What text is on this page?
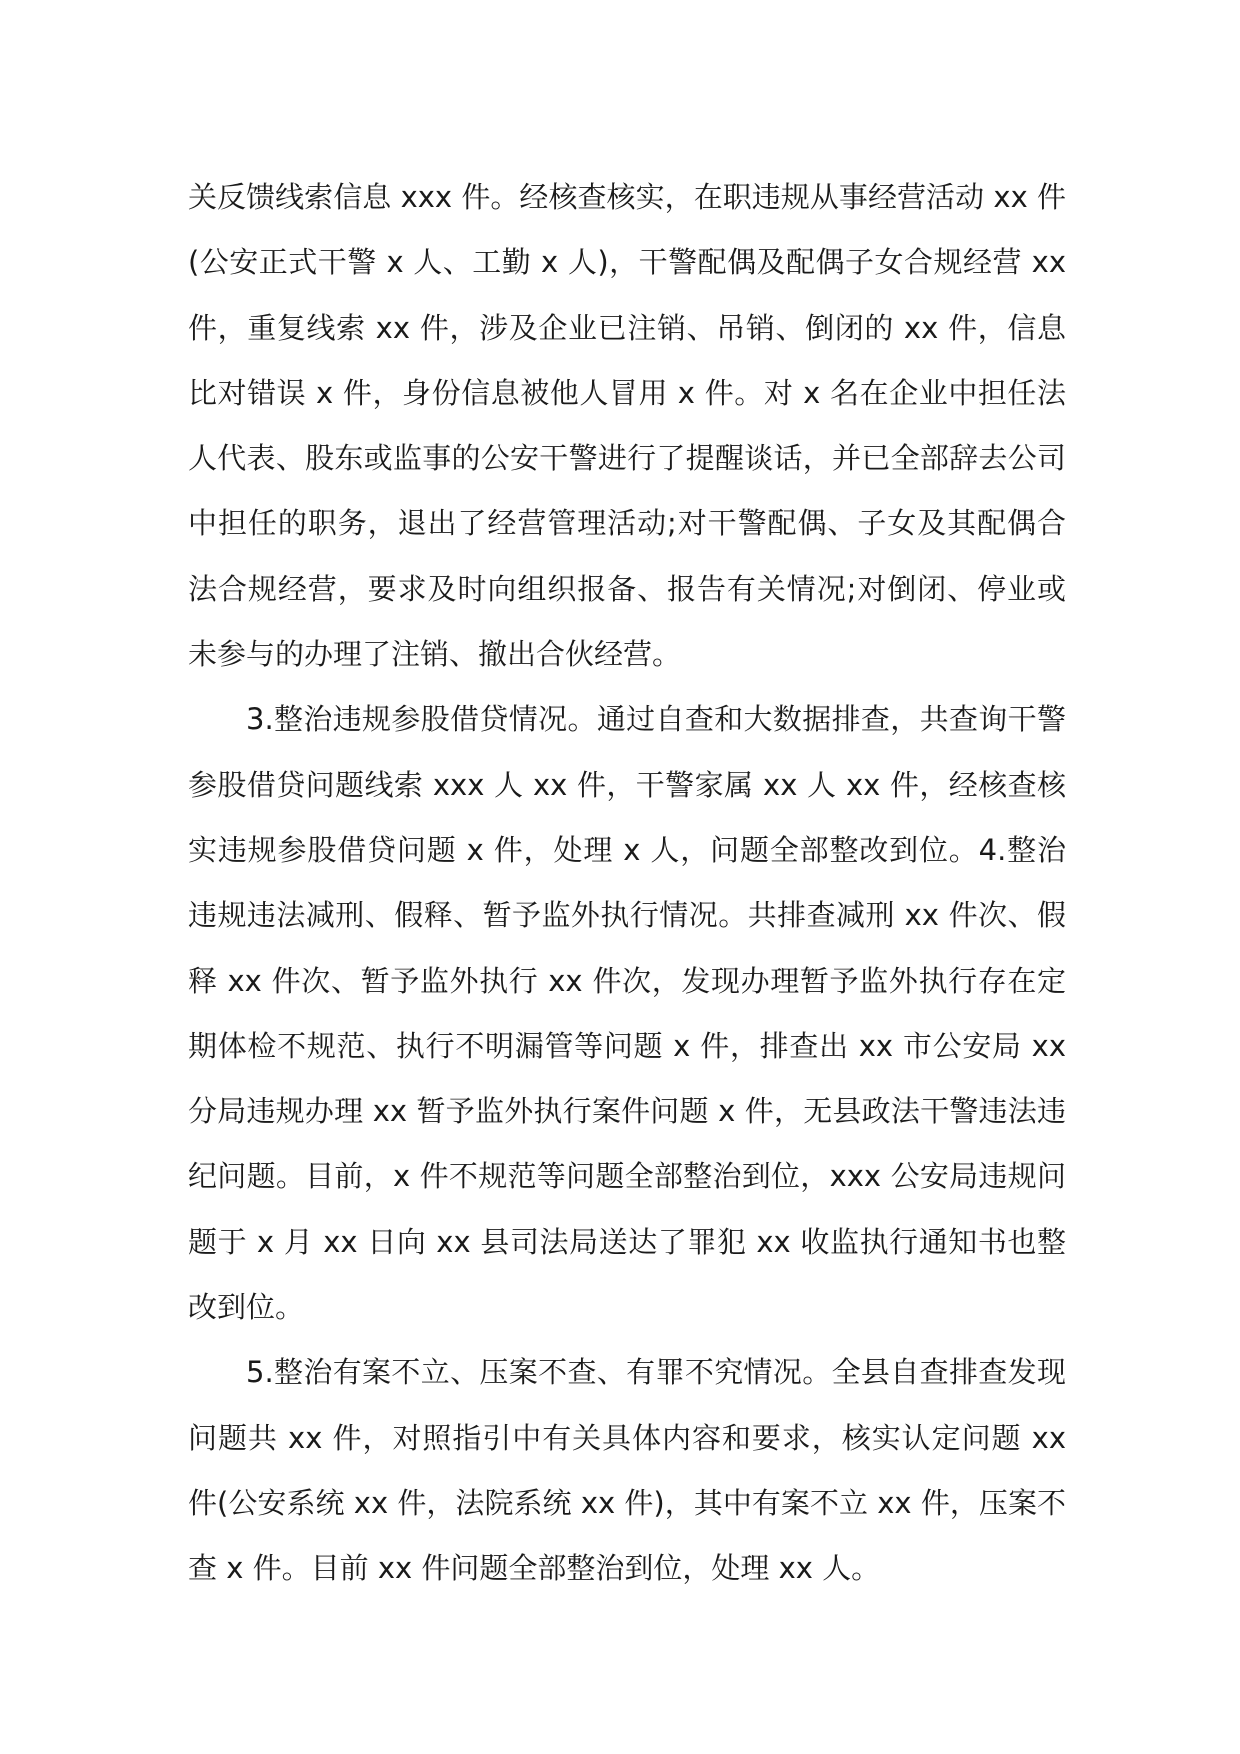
关反馈线索信息 xxx 件。经核查核实，在职违规从事经营活动 xx 件(公安正式干警 x 人、工勤 x 人)，干警配偶及配偶子女合规经营 xx 件，重复线索 xx 件，涉及企业已注销、吊销、倒闭的 xx 件，信息比对错误 x 件，身份信息被他人冒用 x 件。对 x 名在企业中担任法人代表、股东或监事的公安干警进行了提醒谈话，并已全部辞去公司中担任的职务，退出了经营管理活动;对干警配偶、子女及其配偶合法合规经营，要求及时向组织报备、报告有关情况;对倒闭、停业或未参与的办理了注销、撤出合伙经营。

3.整治违规参股借贷情况。通过自查和大数据排查，共查询干警参股借贷问题线索 xxx 人 xx 件，干警家属 xx 人 xx 件，经核查核实违规参股借贷问题 x 件，处理 x 人，问题全部整改到位。4.整治违规违法减刑、假释、暂予监外执行情况。共排查减刑 xx 件次、假释 xx 件次、暂予监外执行 xx 件次，发现办理暂予监外执行存在定期体检不规范、执行不明漏管等问题 x 件，排查出 xx 市公安局 xx 分局违规办理 xx 暂予监外执行案件问题 x 件，无县政法干警违法违纪问题。目前，x 件不规范等问题全部整治到位，xxx 公安局违规问题于 x 月 xx 日向 xx 县司法局送达了罪犯 xx 收监执行通知书也整改到位。

5.整治有案不立、压案不查、有罪不究情况。全县自查排查发现问题共 xx 件，对照指引中有关具体内容和要求，核实认定问题 xx 件(公安系统 xx 件，法院系统 xx 件)，其中有案不立 xx 件，压案不查 x 件。目前 xx 件问题全部整治到位，处理 xx 人。
